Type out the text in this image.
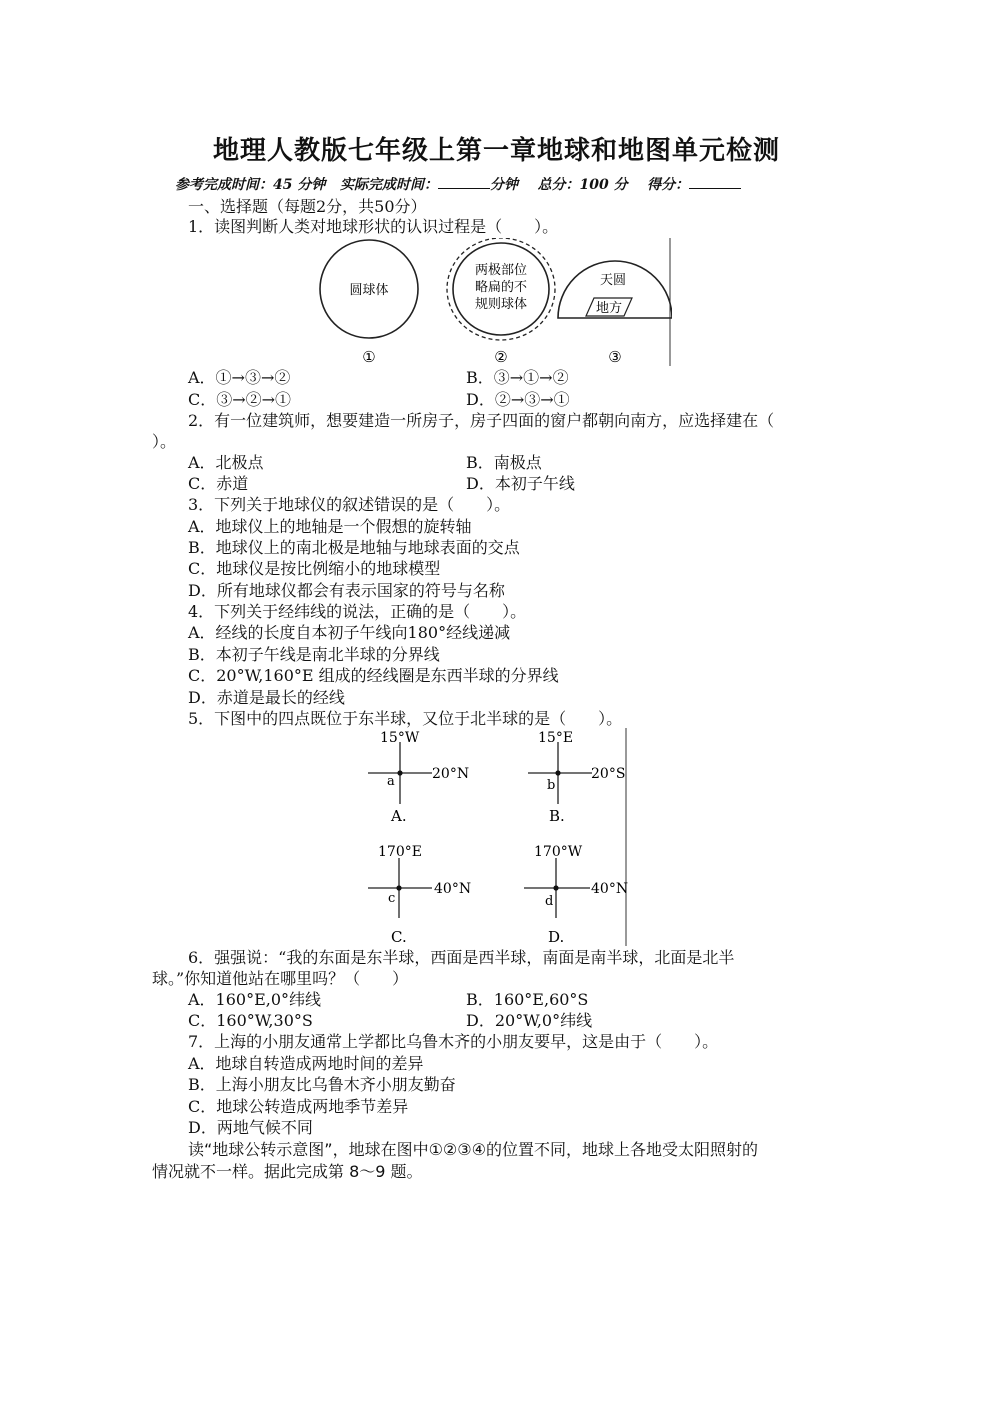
地理人教版七年级上第一章地球和地图单元检测
参考完成时间：45 分钟 实际完成时间：	分钟 总分：100 分 得分：
一、选择题（每题2分，共50分）
1．读图判断人类对地球形状的认识过程是（　　）。
圆球体
两极部位
略扁的不
规则球体
天圆
地方
①	②	③
A．①→③→②	B．③→①→②
C．③→②→①	D．②→③→①
2．有一位建筑师，想要建造一所房子，房子四面的窗户都朝向南方，应选择建在（
）。
A．北极点	B．南极点
C．赤道	D．本初子午线
3．下列关于地球仪的叙述错误的是（　　）。
A．地球仪上的地轴是一个假想的旋转轴
B．地球仪上的南北极是地轴与地球表面的交点
C．地球仪是按比例缩小的地球模型
D．所有地球仪都会有表示国家的符号与名称
4．下列关于经纬线的说法，正确的是（　　）。
A．经线的长度自本初子午线向180°经线递减
B．本初子午线是南北半球的分界线
C．20°W,160°E 组成的经线圈是东西半球的分界线
D．赤道是最长的经线
5．下图中的四点既位于东半球，又位于北半球的是（　　）。
15°W
20°N
a
A.
15°E
20°S
b
B.
170°E
40°N
c
C.
170°W
40°N
d
D.
6．强强说：“我的东面是东半球，西面是西半球，南面是南半球，北面是北半
球。”你知道他站在哪里吗？（　　）
A．160°E,0°纬线	B．160°E,60°S
C．160°W,30°S	D．20°W,0°纬线
7．上海的小朋友通常上学都比乌鲁木齐的小朋友要早，这是由于（　　）。
A．地球自转造成两地时间的差异
B．上海小朋友比乌鲁木齐小朋友勤奋
C．地球公转造成两地季节差异
D．两地气候不同
读“地球公转示意图”，地球在图中①②③④的位置不同，地球上各地受太阳照射的
情况就不一样。据此完成第 8～9 题。
